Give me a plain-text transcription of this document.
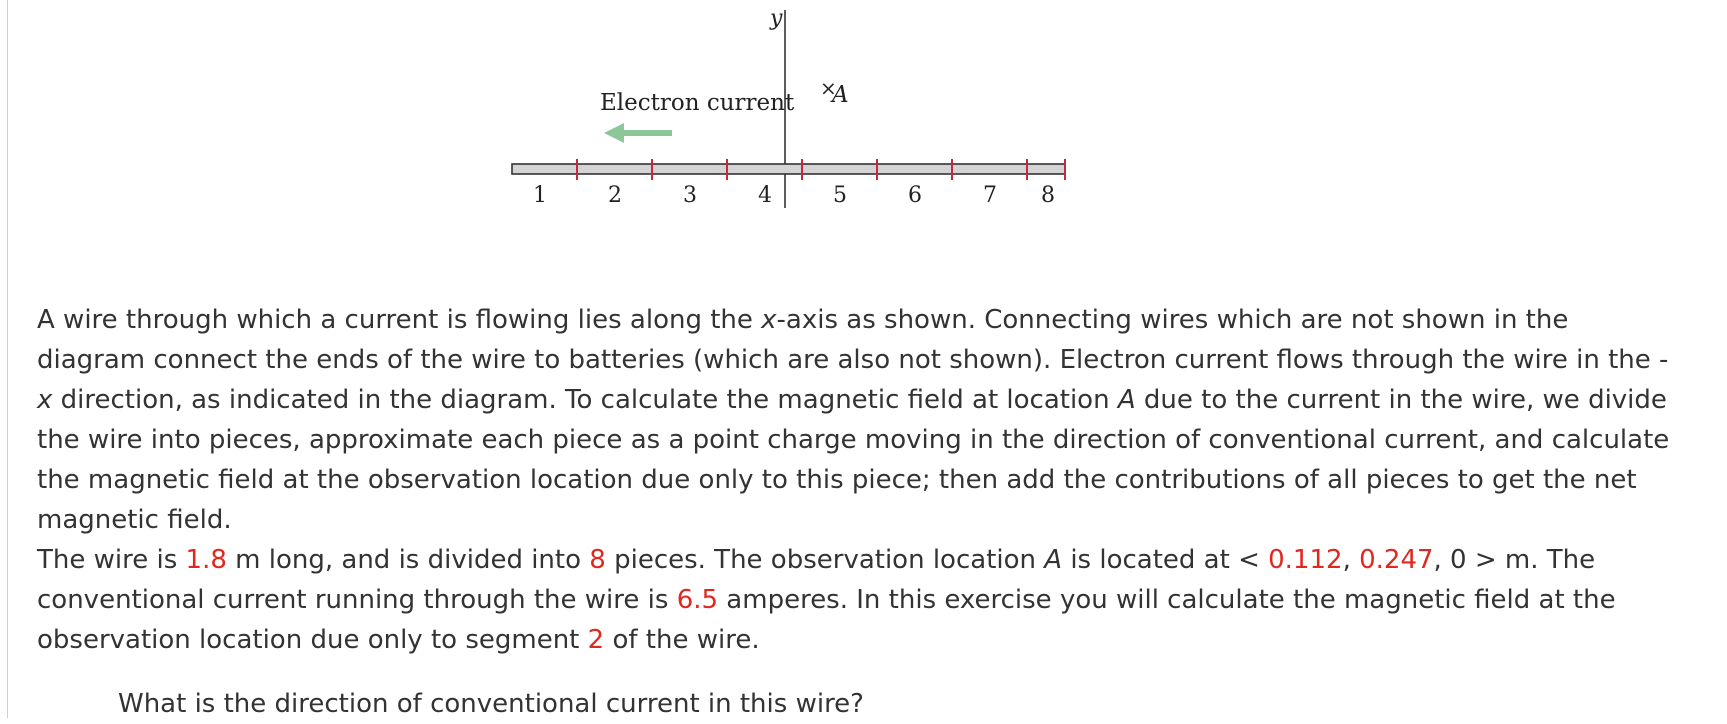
y
×
A
Electron current
1	2	3	4	5	6	7 8

A wire through which a current is flowing lies along the x-axis as shown. Connecting wires which are not shown in the diagram connect the ends of the wire to batteries (which are also not shown). Electron current flows through the wire in the -x direction, as indicated in the diagram. To calculate the magnetic field at location A due to the current in the wire, we divide the wire into pieces, approximate each piece as a point charge moving in the direction of conventional current, and calculate the magnetic field at the observation location due only to this piece; then add the contributions of all pieces to get the net magnetic field.

The wire is 1.8 m long, and is divided into 8 pieces. The observation location A is located at < 0.112, 0.247, 0 > m. The conventional current running through the wire is 6.5 amperes. In this exercise you will calculate the magnetic field at the observation location due only to segment 2 of the wire.

What is the direction of conventional current in this wire?
